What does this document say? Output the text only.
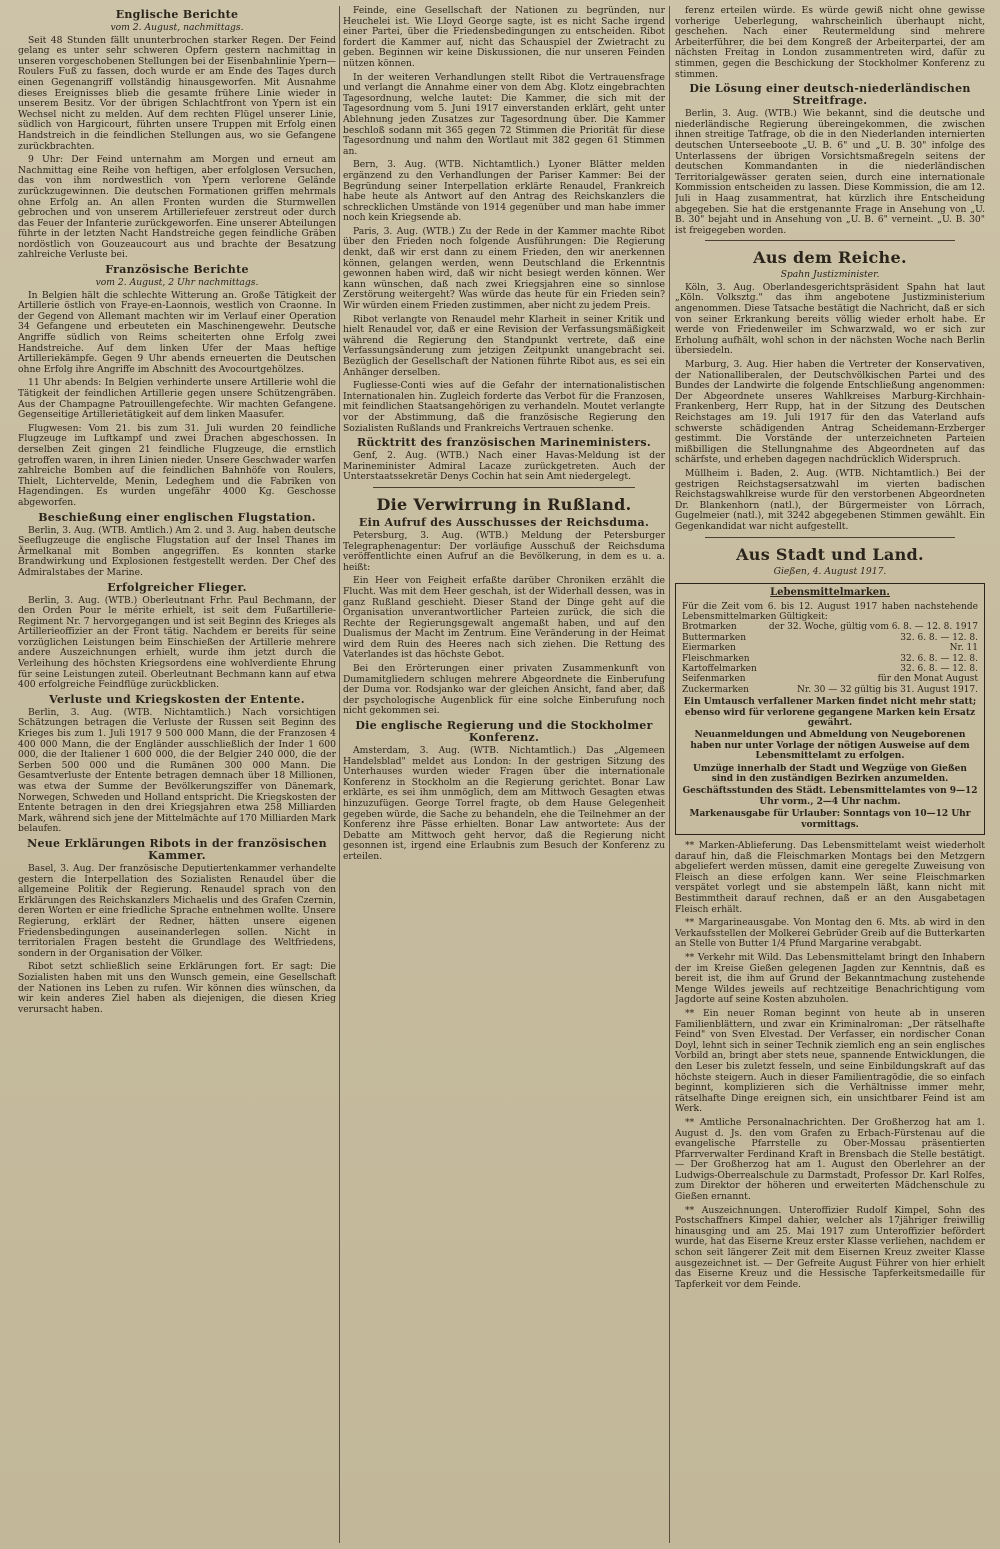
Englische Berichte
vom 2. August, nachmittags.

Seit 48 Stunden fällt ununterbrochen starker Regen. Der Feind gelang es unter sehr schweren Opfern gestern nachmittag in unseren vorgeschobenen Stellungen bei der Eisenbahnlinie Ypern—Roulers Fuß zu fassen, doch wurde er am Ende des Tages durch einen Gegenangriff vollständig hinausgeworfen. Mit Ausnahme dieses Ereignisses blieb die gesamte frühere Linie wieder in unserem Besitz. Vor der übrigen Schlachtfront von Ypern ist ein Wechsel nicht zu melden. Auf dem rechten Flügel unserer Linie, südlich von Hargicourt, führten unsere Truppen mit Erfolg einen Handstreich in die feindlichen Stellungen aus, wo sie Gefangene zurückbrachten.

9 Uhr: Der Feind unternahm am Morgen und erneut am Nachmittag eine Reihe von heftigen, aber erfolglosen Versuchen, das von ihm nordwestlich von Ypern verlorene Gelände zurückzugewinnen. Die deutschen Formationen griffen mehrmals ohne Erfolg an. An allen Fronten wurden die Sturmwellen gebrochen und von unserem Artilleriefeuer zerstreut oder durch das Feuer der Infanterie zurückgeworfen. Eine unserer Abteilungen führte in der letzten Nacht Handstreiche gegen feindliche Gräben nordöstlich von Gouzeaucourt aus und brachte der Besatzung zahlreiche Verluste bei.

Französische Berichte
vom 2. August, 2 Uhr nachmittags.

In Belgien hält die schlechte Witterung an. Große Tätigkeit der Artillerie östlich von Fraye-en-Laonnois, westlich von Craonne. In der Gegend von Allemant machten wir im Verlauf einer Operation 34 Gefangene und erbeuteten ein Maschinengewehr. Deutsche Angriffe südlich von Reims scheiterten ohne Erfolg zwei Handstreiche. Auf dem linken Ufer der Maas heftige Artilleriekämpfe. Gegen 9 Uhr abends erneuerten die Deutschen ohne Erfolg ihre Angriffe im Abschnitt des Avocourtgehölzes.

11 Uhr abends: In Belgien verhinderte unsere Artillerie wohl die Tätigkeit der feindlichen Artillerie gegen unsere Schützengräben. Aus der Champagne Patrouillengefechte. Wir machten Gefangene. Gegenseitige Artillerietätigkeit auf dem linken Maasufer.

Flugwesen: Vom 21. bis zum 31. Juli wurden 20 feindliche Flugzeuge im Luftkampf und zwei Drachen abgeschossen. In derselben Zeit gingen 21 feindliche Flugzeuge, die ernstlich getroffen waren, in ihren Linien nieder. Unsere Geschwader warfen zahlreiche Bomben auf die feindlichen Bahnhöfe von Roulers, Thielt, Lichtervelde, Menin, Ledeghem und die Fabriken von Hagendingen. Es wurden ungefähr 4000 Kg. Geschosse abgeworfen.

Beschießung einer englischen Flugstation.

Berlin, 3. Aug. (WTB. Amtlich.) Am 2. und 3. Aug. haben deutsche Seeflugzeuge die englische Flugstation auf der Insel Thanes im Ärmelkanal mit Bomben angegriffen. Es konnten starke Brandwirkung und Explosionen festgestellt werden. Der Chef des Admiralstabes der Marine.

Erfolgreicher Flieger.

Berlin, 3. Aug. (WTB.) Oberleutnant Frhr. Paul Bechmann, der den Orden Pour le mérite erhielt, ist seit dem Fußartillerie-Regiment Nr. 7 hervorgegangen und ist seit Beginn des Krieges als Artillerieoffizier an der Front tätig. Nachdem er bereits für seine vorzüglichen Leistungen beim Einschießen der Artillerie mehrere andere Auszeichnungen erhielt, wurde ihm jetzt durch die Verleihung des höchsten Kriegsordens eine wohlverdiente Ehrung für seine Leistungen zuteil. Oberleutnant Bechmann kann auf etwa 400 erfolgreiche Feindflüge zurückblicken.

Verluste und Kriegskosten der Entente.

Berlin, 3. Aug. (WTB. Nichtamtlich.) Nach vorsichtigen Schätzungen betragen die Verluste der Russen seit Beginn des Krieges bis zum 1. Juli 1917 9 500 000 Mann, die der Franzosen 4 400 000 Mann, die der Engländer ausschließlich der Inder 1 600 000, die der Italiener 1 600 000, die der Belgier 240 000, die der Serben 500 000 und die Rumänen 300 000 Mann. Die Gesamtverluste der Entente betragen demnach über 18 Millionen, was etwa der Summe der Bevölkerungsziffer von Dänemark, Norwegen, Schweden und Holland entspricht. Die Kriegskosten der Entente betragen in den drei Kriegsjahren etwa 258 Milliarden Mark, während sich jene der Mittelmächte auf 170 Milliarden Mark belaufen.

Neue Erklärungen Ribots in der französischen Kammer.

Basel, 3. Aug. Der französische Deputiertenkammer verhandelte gestern die Interpellation des Sozialisten Renaudel über die allgemeine Politik der Regierung. Renaudel sprach von den Erklärungen des Reichskanzlers Michaelis und des Grafen Czernin, deren Worten er eine friedliche Sprache entnehmen wollte. Unsere Regierung, erklärt der Redner, hätten unsere eigenen Friedensbedingungen auseinanderlegen sollen. Nicht in territorialen Fragen besteht die Grundlage des Weltfriedens, sondern in der Organisation der Völker.

Ribot setzt schließlich seine Erklärungen fort. Er sagt: Die Sozialisten haben mit uns den Wunsch gemein, eine Gesellschaft der Nationen ins Leben zu rufen. Wir können dies wünschen, da wir kein anderes Ziel haben als diejenigen, die diesen Krieg verursacht haben.

Feinde, eine Gesellschaft der Nationen zu begründen, nur Heuchelei ist. Wie Lloyd George sagte, ist es nicht Sache irgend einer Partei, über die Friedensbedingungen zu entscheiden. Ribot fordert die Kammer auf, nicht das Schauspiel der Zwietracht zu geben. Beginnen wir keine Diskussionen, die nur unseren Feinden nützen können.

In der weiteren Verhandlungen stellt Ribot die Vertrauensfrage und verlangt die Annahme einer von dem Abg. Klotz eingebrachten Tagesordnung, welche lautet: Die Kammer, die sich mit der Tagesordnung vom 5. Juni 1917 einverstanden erklärt, geht unter Ablehnung jeden Zusatzes zur Tagesordnung über. Die Kammer beschloß sodann mit 365 gegen 72 Stimmen die Priorität für diese Tagesordnung und nahm den Wortlaut mit 382 gegen 61 Stimmen an.

Bern, 3. Aug. (WTB. Nichtamtlich.) Lyoner Blätter melden ergänzend zu den Verhandlungen der Pariser Kammer: Bei der Begründung seiner Interpellation erklärte Renaudel, Frankreich habe heute als Antwort auf den Antrag des Reichskanzlers die schrecklichen Umstände von 1914 gegenüber und man habe immer noch kein Kriegsende ab.

Paris, 3. Aug. (WTB.) Zu der Rede in der Kammer machte Ribot über den Frieden noch folgende Ausführungen: Die Regierung denkt, daß wir erst dann zu einem Frieden, den wir anerkennen können, gelangen werden, wenn Deutschland die Erkenntnis gewonnen haben wird, daß wir nicht besiegt werden können. Wer kann wünschen, daß nach zwei Kriegsjahren eine so sinnlose Zerstörung weitergeht? Was würde das heute für ein Frieden sein? Wir würden einem Frieden zustimmen, aber nicht zu jedem Preis.

Ribot verlangte von Renaudel mehr Klarheit in seiner Kritik und hielt Renaudel vor, daß er eine Revision der Verfassungsmäßigkeit während die Regierung den Standpunkt vertrete, daß eine Verfassungsänderung zum jetzigen Zeitpunkt unangebracht sei. Bezüglich der Gesellschaft der Nationen führte Ribot aus, es sei ein Anhänger derselben.

Fugliesse-Conti wies auf die Gefahr der internationalistischen Internationalen hin. Zugleich forderte das Verbot für die Franzosen, mit feindlichen Staatsangehörigen zu verhandeln. Moutet verlangte vor der Abstimmung, daß die französische Regierung den Sozialisten Rußlands und Frankreichs Vertrauen schenke.

Rücktritt des französischen Marineministers.

Genf, 2. Aug. (WTB.) Nach einer Havas-Meldung ist der Marineminister Admiral Lacaze zurückgetreten. Auch der Unterstaatssekretär Denys Cochin hat sein Amt niedergelegt.

Die Verwirrung in Rußland.
Ein Aufruf des Ausschusses der Reichsduma.

Petersburg, 3. Aug. (WTB.) Meldung der Petersburger Telegraphenagentur: Der vorläufige Ausschuß der Reichsduma veröffentlichte einen Aufruf an die Bevölkerung, in dem es u. a. heißt:

Ein Heer von Feigheit erfaßte darüber Chroniken erzählt die Flucht. Was mit dem Heer geschah, ist der Widerhall dessen, was in ganz Rußland geschieht. Dieser Stand der Dinge geht auf die Organisation unverantwortlicher Parteien zurück, die sich die Rechte der Regierungsgewalt angemaßt haben, und auf den Dualismus der Macht im Zentrum. Eine Veränderung in der Heimat wird dem Ruin des Heeres nach sich ziehen. Die Rettung des Vaterlandes ist das höchste Gebot.

Bei den Erörterungen einer privaten Zusammenkunft von Dumamitgliedern schlugen mehrere Abgeordnete die Einberufung der Duma vor. Rodsjanko war der gleichen Ansicht, fand aber, daß der psychologische Augenblick für eine solche Einberufung noch nicht gekommen sei.

Die englische Regierung und die Stockholmer Konferenz.

Amsterdam, 3. Aug. (WTB. Nichtamtlich.) Das „Algemeen Handelsblad" meldet aus London: In der gestrigen Sitzung des Unterhauses wurden wieder Fragen über die internationale Konferenz in Stockholm an die Regierung gerichtet. Bonar Law erklärte, es sei ihm unmöglich, dem am Mittwoch Gesagten etwas hinzuzufügen. George Torrel fragte, ob dem Hause Gelegenheit gegeben würde, die Sache zu behandeln, ehe die Teilnehmer an der Konferenz ihre Pässe erhielten. Bonar Law antwortete: Aus der Debatte am Mittwoch geht hervor, daß die Regierung nicht gesonnen ist, irgend eine Erlaubnis zum Besuch der Konferenz zu erteilen.

ferenz erteilen würde. Es würde gewiß nicht ohne gewisse vorherige Ueberlegung, wahrscheinlich überhaupt nicht, geschehen. Nach einer Reutermeldung sind mehrere Arbeiterführer, die bei dem Kongreß der Arbeiterpartei, der am nächsten Freitag in London zusammentreten wird, dafür zu stimmen, gegen die Beschickung der Stockholmer Konferenz zu stimmen.

Die Lösung einer deutsch-niederländischen Streitfrage.

Berlin, 3. Aug. (WTB.) Wie bekannt, sind die deutsche und niederländische Regierung übereingekommen, die zwischen ihnen streitige Tatfrage, ob die in den Niederlanden internierten deutschen Unterseeboote „U. B. 6" und „U. B. 30" infolge des Unterlassens der übrigen Vorsichtsmaßregeln seitens der deutschen Kommandanten in die niederländischen Territorialgewässer geraten seien, durch eine internationale Kommission entscheiden zu lassen. Diese Kommission, die am 12. Juli in Haag zusammentrat, hat kürzlich ihre Entscheidung abgegeben. Sie hat die erstgenannte Frage in Ansehung von „U. B. 30" bejaht und in Ansehung von „U. B. 6" verneint. „U. B. 30" ist freigegeben worden.

Aus dem Reiche.
Spahn Justizminister.

Köln, 3. Aug. Oberlandesgerichtspräsident Spahn hat laut „Köln. Volksztg." das ihm angebotene Justizministerium angenommen. Diese Tatsache bestätigt die Nachricht, daß er sich von seiner Erkrankung bereits völlig wieder erholt habe. Er werde von Friedenweiler im Schwarzwald, wo er sich zur Erholung aufhält, wohl schon in der nächsten Woche nach Berlin übersiedeln.

Marburg, 3. Aug. Hier haben die Vertreter der Konservativen, der Nationalliberalen, der Deutschvölkischen Partei und des Bundes der Landwirte die folgende Entschließung angenommen: Der Abgeordnete unseres Wahlkreises Marburg-Kirchhain-Frankenberg, Herr Rupp, hat in der Sitzung des Deutschen Reichstages am 19. Juli 1917 für den das Vaterland aufs schwerste schädigenden Antrag Scheidemann-Erzberger gestimmt. Die Vorstände der unterzeichneten Parteien mißbilligen die Stellungnahme des Abgeordneten auf das schärfste, und erheben dagegen nachdrücklich Widerspruch.

Müllheim i. Baden, 2. Aug. (WTB. Nichtamtlich.) Bei der gestrigen Reichstagsersatzwahl im vierten badischen Reichstagswahlkreise wurde für den verstorbenen Abgeordneten Dr. Blankenhorn (natl.), der Bürgermeister von Lörrach, Gugelmeier (natl.), mit 3242 abgegebenen Stimmen gewählt. Ein Gegenkandidat war nicht aufgestellt.

Aus Stadt und Land.
Gießen, 4. August 1917.
Lebensmittelmarken.
Für die Zeit vom 6. bis 12. August 1917 haben nachstehende Lebensmittelmarken Gültigkeit:
Brotmarken	der 32. Woche, gültig vom 6. 8. — 12. 8. 1917
Buttermarken	32. 6. 8. — 12. 8.
Eiermarken	Nr. 11
Fleischmarken	32. 6. 8. — 12. 8.
Kartoffelmarken	32. 6. 8. — 12. 8.
Seifenmarken	für den Monat August
Zuckermarken	Nr. 30 — 32 gültig bis 31. August 1917.
Ein Umtausch verfallener Marken findet nicht mehr statt; ebenso wird für verlorene gegangene Marken kein Ersatz gewährt.
Neuanmeldungen und Abmeldung von Neugeborenen haben nur unter Vorlage der nötigen Ausweise auf dem Lebensmittelamt zu erfolgen.
Umzüge innerhalb der Stadt und Wegzüge von Gießen sind in den zuständigen Bezirken anzumelden.
Geschäftsstunden des Städt. Lebensmittelamtes von 9—12 Uhr vorm., 2—4 Uhr nachm.
Markenausgabe für Urlauber: Sonntags von 10—12 Uhr vormittags.

** Marken-Ablieferung. Das Lebensmittelamt weist wiederholt darauf hin, daß die Fleischmarken Montags bei den Metzgern abgeliefert werden müssen, damit eine geregelte Zuweisung von Fleisch an diese erfolgen kann. Wer seine Fleischmarken verspätet vorlegt und sie abstempeln läßt, kann nicht mit Bestimmtheit darauf rechnen, daß er an den Ausgabetagen Fleisch erhält.

** Margarineausgabe. Von Montag den 6. Mts. ab wird in den Verkaufsstellen der Molkerei Gebrüder Greib auf die Butterkarten an Stelle von Butter 1/4 Pfund Margarine verabgabt.

** Verkehr mit Wild. Das Lebensmittelamt bringt den Inhabern der im Kreise Gießen gelegenen Jagden zur Kenntnis, daß es bereit ist, die ihm auf Grund der Bekanntmachung zustehende Menge Wildes jeweils auf rechtzeitige Benachrichtigung vom Jagdorte auf seine Kosten abzuholen.

** Ein neuer Roman beginnt von heute ab in unseren Familienblättern, und zwar ein Kriminalroman: „Der rätselhafte Feind" von Sven Elvestad. Der Verfasser, ein nordischer Conan Doyl, lehnt sich in seiner Technik ziemlich eng an sein englisches Vorbild an, bringt aber stets neue, spannende Entwicklungen, die den Leser bis zuletzt fesseln, und seine Einbildungskraft auf das höchste steigern. Auch in dieser Familientragödie, die so einfach beginnt, komplizieren sich die Verhältnisse immer mehr, rätselhafte Dinge ereignen sich, ein unsichtbarer Feind ist am Werk.

** Amtliche Personalnachrichten. Der Großherzog hat am 1. August d. Js. den vom Grafen zu Erbach-Fürstenau auf die evangelische Pfarrstelle zu Ober-Mossau präsentierten Pfarrverwalter Ferdinand Kraft in Brensbach die Stelle bestätigt. — Der Großherzog hat am 1. August den Oberlehrer an der Ludwigs-Oberrealschule zu Darmstadt, Professor Dr. Karl Rolfes, zum Direktor der höheren und erweiterten Mädchenschule zu Gießen ernannt.

** Auszeichnungen. Unteroffizier Rudolf Kimpel, Sohn des Postschaffners Kimpel dahier, welcher als 17jähriger freiwillig hinausging und am 25. Mai 1917 zum Unteroffizier befördert wurde, hat das Eiserne Kreuz erster Klasse verliehen, nachdem er schon seit längerer Zeit mit dem Eisernen Kreuz zweiter Klasse ausgezeichnet ist. — Der Gefreite August Führer von hier erhielt das Eiserne Kreuz und die Hessische Tapferkeitsmedaille für Tapferkeit vor dem Feinde.
